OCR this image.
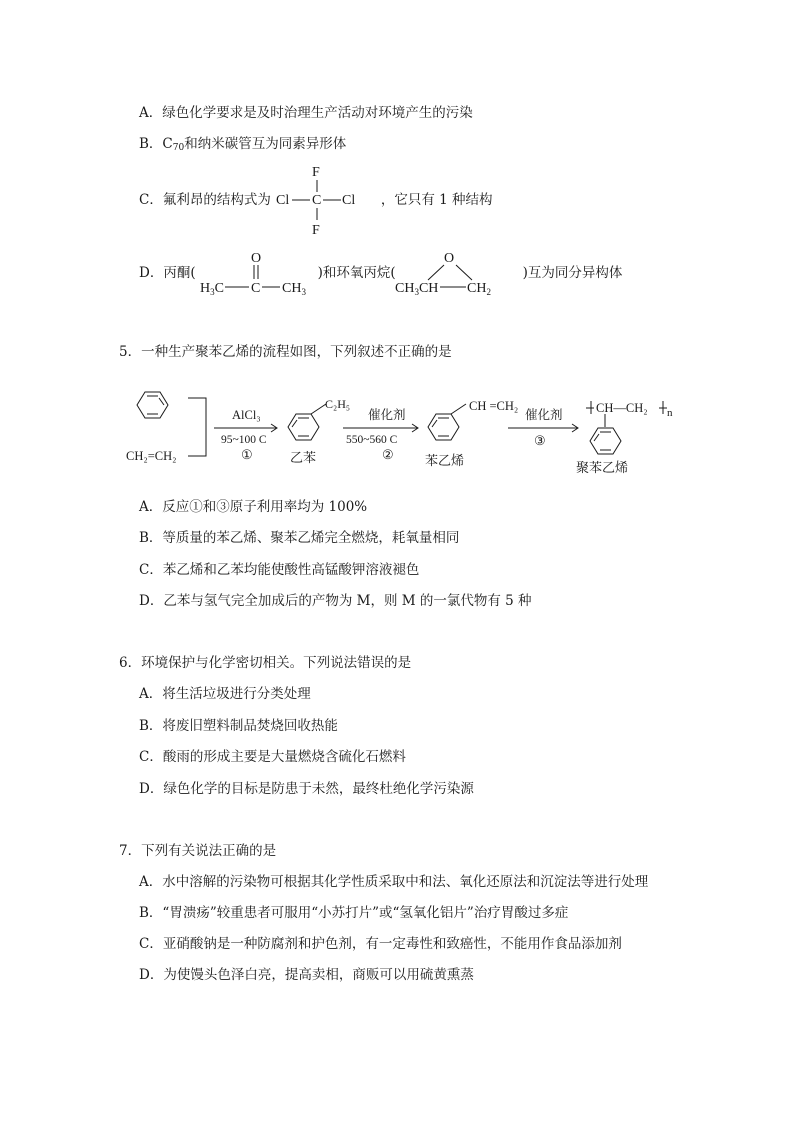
A．绿色化学要求是及时治理生产活动对环境产生的污染
B．$C_{70}$和纳米碳管互为同素异形体
C．氟利昂的结构式为	，它只有 1 种结构
F
Cl C Cl
F
O
$H_3C$ C $CH_3$
O
$CH_3CH$ $CH_2$
CH₂=CH₂
AlCl₃
95~100 C
①
C₂H₅
乙苯
催化剂
550~560 C
②
CH =CH₂
苯乙烯
催化剂
③
CH—CH₂ n
聚苯乙烯
D．丙酮(	)和环氧丙烷(	)互为同分异构体
5．一种生产聚苯乙烯的流程如图，下列叙述不正确的是
A．反应①和③原子利用率均为 100%
B．等质量的苯乙烯、聚苯乙烯完全燃烧，耗氧量相同
C．苯乙烯和乙苯均能使酸性高锰酸钾溶液褪色
D．乙苯与氢气完全加成后的产物为 M，则 M 的一氯代物有 5 种
6．环境保护与化学密切相关。下列说法错误的是
A．将生活垃圾进行分类处理
B．将废旧塑料制品焚烧回收热能
C．酸雨的形成主要是大量燃烧含硫化石燃料
D．绿色化学的目标是防患于未然，最终杜绝化学污染源
7．下列有关说法正确的是
A．水中溶解的污染物可根据其化学性质采取中和法、氧化还原法和沉淀法等进行处理
B．“胃溃疡”较重患者可服用“小苏打片”或“氢氧化铝片”治疗胃酸过多症
C．亚硝酸钠是一种防腐剂和护色剂，有一定毒性和致癌性，不能用作食品添加剂
D．为使馒头色泽白亮，提高卖相，商贩可以用硫黄熏蒸
